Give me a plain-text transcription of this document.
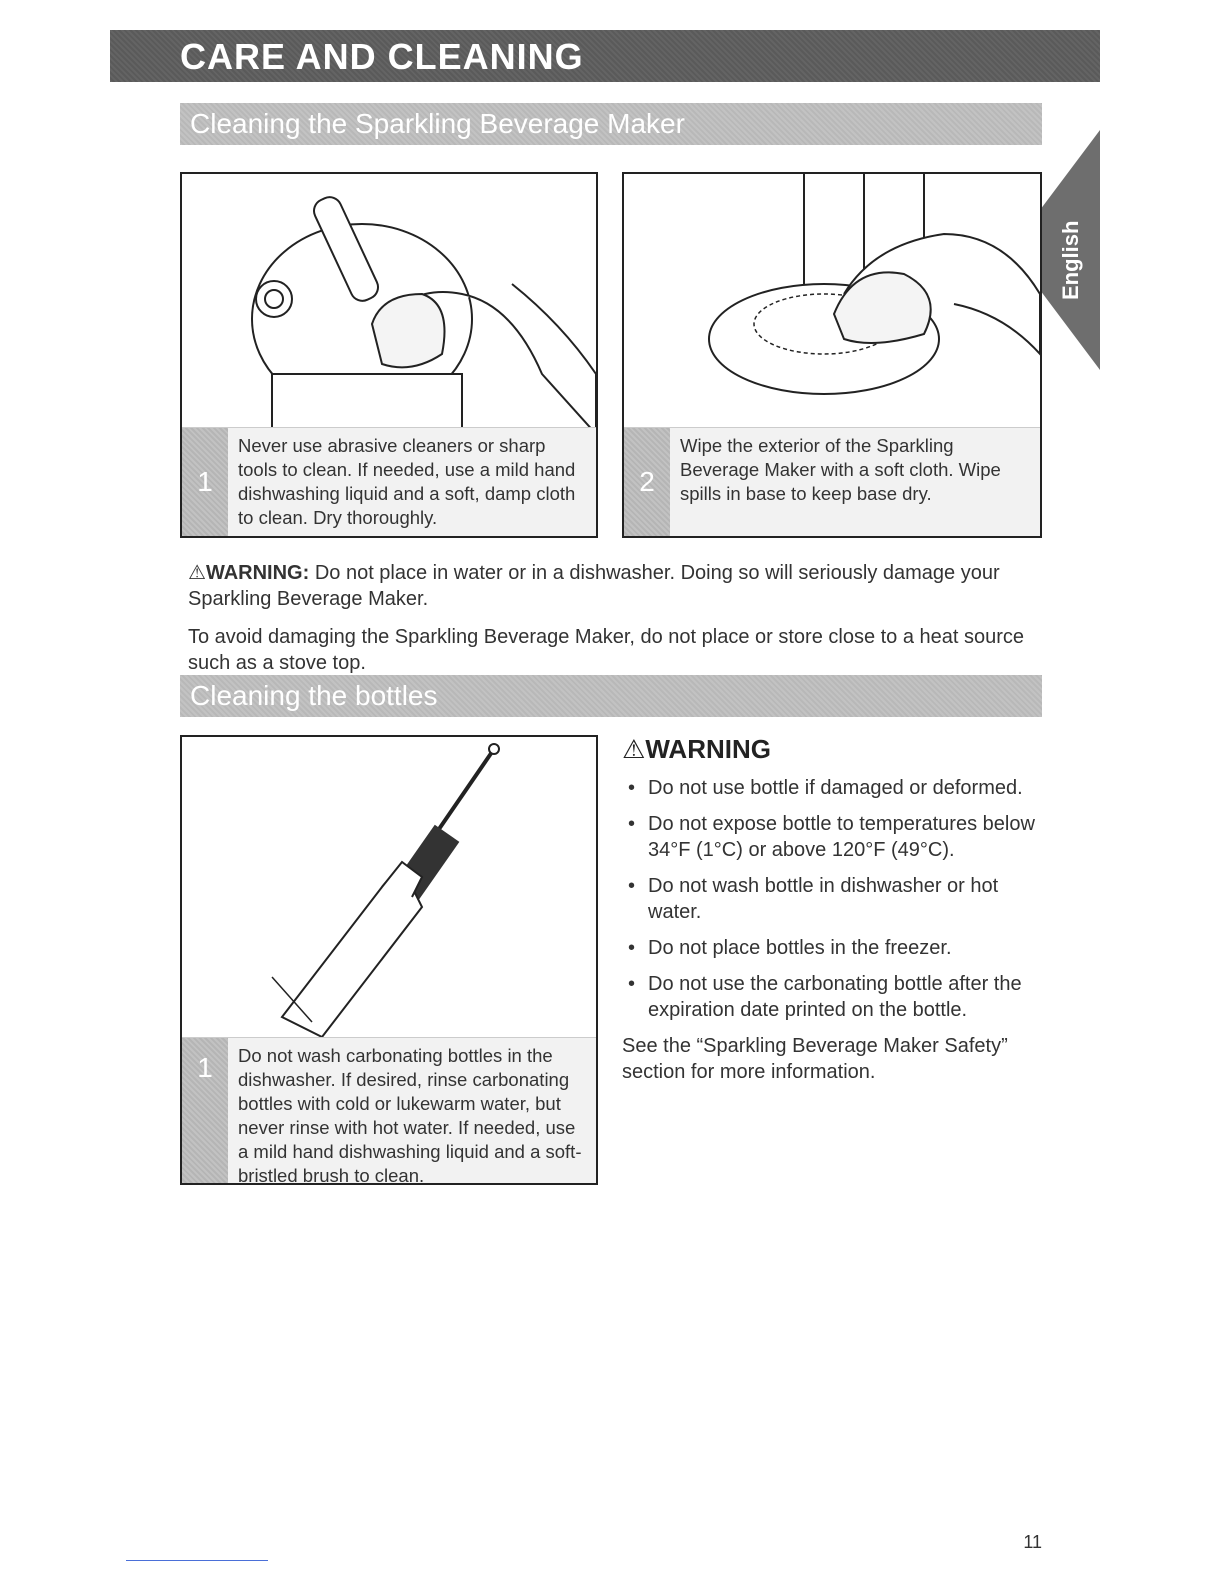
CARE AND CLEANING
English
Cleaning the Sparkling Beverage Maker
1
Never use abrasive cleaners or sharp tools to clean. If needed, use a mild hand dishwashing liquid and a soft, damp cloth to clean. Dry thoroughly.
2
Wipe the exterior of the Sparkling Beverage Maker with a soft cloth. Wipe spills in base to keep base dry.
⚠WARNING: Do not place in water or in a dishwasher. Doing so will seriously damage your Sparkling Beverage Maker.
To avoid damaging the Sparkling Beverage Maker, do not place or store close to a heat source such as a stove top.
Cleaning the bottles
1	Do not wash carbonating bottles in the dishwasher. If desired, rinse carbonating bottles with cold or lukewarm water, but never rinse with hot water. If needed, use a mild hand dishwashing liquid and a soft-bristled brush to clean.
⚠WARNING
• Do not use bottle if damaged or deformed.
• Do not expose bottle to temperatures below 34°F (1°C) or above 120°F (49°C).
• Do not wash bottle in dishwasher or hot water.
• Do not place bottles in the freezer.
• Do not use the carbonating bottle after the expiration date printed on the bottle.
See the “Sparkling Beverage Maker Safety” section for more information.
11
